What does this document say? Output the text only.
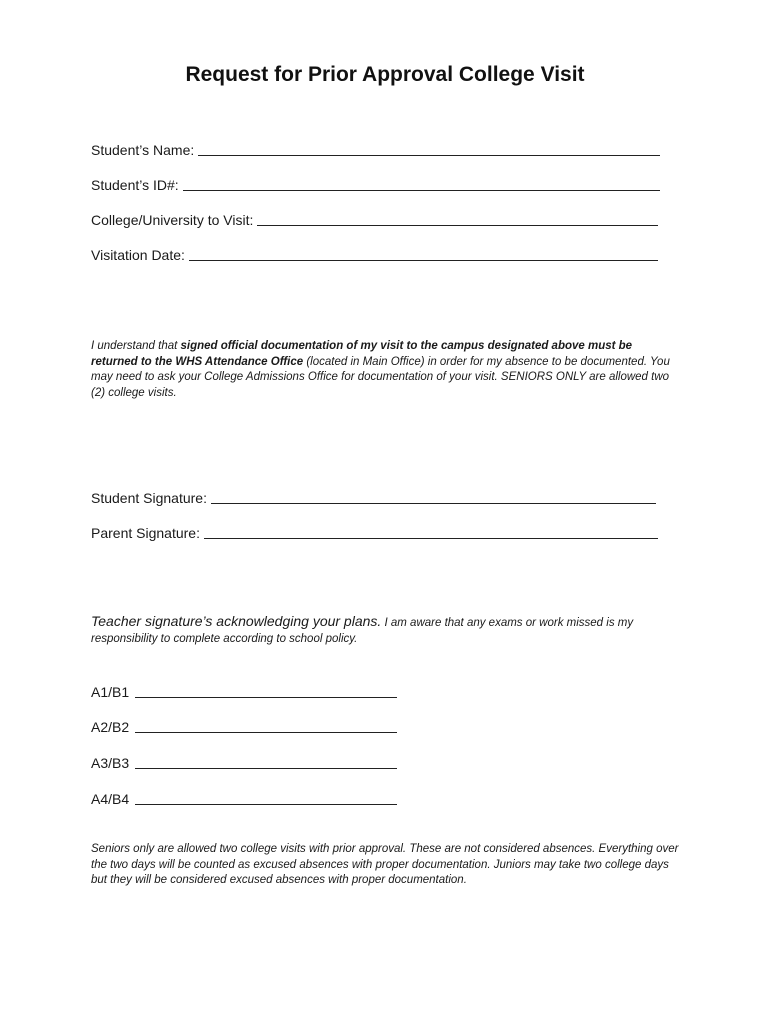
Request for Prior Approval College Visit
Student’s Name:
Student’s ID#:
College/University to Visit:
Visitation Date:
I understand that signed official documentation of my visit to the campus designated above must be returned to the WHS Attendance Office (located in Main Office) in order for my absence to be documented. You may need to ask your College Admissions Office for documentation of your visit. SENIORS ONLY are allowed two (2) college visits.
Student Signature:
Parent Signature:
Teacher signature’s acknowledging your plans. I am aware that any exams or work missed is my responsibility to complete according to school policy.
A1/B1
A2/B2
A3/B3
A4/B4
Seniors only are allowed two college visits with prior approval. These are not considered absences. Everything over the two days will be counted as excused absences with proper documentation. Juniors may take two college days but they will be considered excused absences with proper documentation.
